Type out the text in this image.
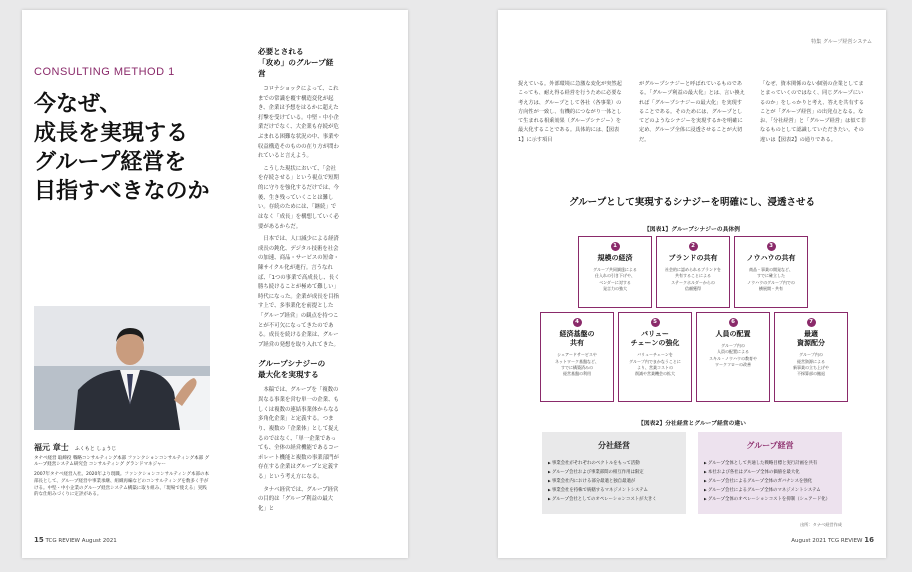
CONSULTING METHOD 1
今なぜ、
成長を実現する
グループ経営を
目指すべきなのか
福元 章士 ふくもと しょうじ
タナベ経営 取締役 戦略コンサルティング本部 ファンクションコンサルティング本部 グループ経営システム研究会 コンサルティング グランドマネジャー
2007年タナベ経営入社。2020年より現職。ファンクションコンサルティング本部の本部長として、グループ経営や事業承継、組織再編などのコンサルティングを数多く手がける。中堅・中小企業のグループ経営システム構築に取り組み、「現場で使える」実践的な仕組みづくりに定評がある。
必要とされる
「攻め」のグループ経営

コロナショックによって、これまでの常識を覆す構造変化が起き、企業は予想をはるかに超えた打撃を受けている。中堅・中小企業だけでなく、大企業も存続が危ぶまれる困難な状況の中、事業や収益構造そのものの在り方が問われていると言えよう。

こうした現状において、「会社を存続させる」という視点で短期的に守りを強化するだけでは、今後、生き残っていくことは難しい。存続のためには、「継続」ではなく「成長」を構想していく必要があるからだ。

日本では、人口減少による経済成長の鈍化、デジタル技術を社会の加速、商品・サービスの短命・陳サイクル化が進行。言うなれば、「1つの事業で高成長し、長く勝ち続けることが極めて難しい」時代になった。企業が成長を目指す上で、多事業化を前提とした「グループ経営」の観点を持つことが不可欠になってきたのである。成長を続ける企業は、グループ経営の発想を取り入れてきた。

グループシナジーの
最大化を実現する

本稿では、グループを「複数の異なる事業を営む単一の企業、もしくは複数の連結事業体からなる多角化企業」と定義する。つまり、複数の「企業体」として捉えるのではなく、「単一企業であっても、全体の経営機能であるコーポレート機能と複数の事業部門が存在する企業はグループと定義する」という考え方になる。

タナベ経営では、グループ経営の目的は「グループ利益の最大化」と

15 TCG REVIEW August 2021
特集 グループ経営システム

捉えている。外部環境に急激な変化が突然起こっても、耐え得る経営を行うために必要な考え方は、グループとして各社（各事業）の方向性が一致し、有機的につながり一体として生まれる相乗効果（グループシナジー）を最大化することである。具体的には、【図表1】に示す項目

がグループシナジーと呼ばれているものである。「グループ利益の最大化」とは、言い換えれば「グループシナジーの最大化」を実現することである。そのためには、グループとしてどのようなシナジーを実現するかを明確に定め、グループ全体に浸透させることが大切だ。

「なぜ、資本関係のない個別の企業としてまとまっていくのではなく、同じグループにいるのか」をしっかりと考え、答えを共有することが「グループ経営」の出発点となる。なお、「分社経営」と「グループ経営」は似て非なるものとして認識していただきたい。その違いは【図表2】の通りである。

グループとして実現するシナジーを明確にし、浸透させる
【図表1】グループシナジーの具体例
1
規模の経済
グループ共同調達による
仕入れの引き下げや、
ベンダーに対する
発言力の強大
2
ブランドの共有
社会的に認められるブランドを
共有することによる
ステークホルダーからの
信頼獲得
3
ノウハウの共有
商品・事業の開発など、
すでに確立した
ノウハウのグループ内での
横展開・共有
4
経済基盤の
共有
シェアードサービスや
ネットワーク基盤など、
すでに構築済みの
経営基盤の利用
5
バリュー
チェーンの強化
バリューチェーンを
グループ内でまかなうことに
より、営業コストの
削減や営業機会の拡大
6
人員の配置
グループ内の
人員の配置による
スキル・ノウハウの教育や
ワークフローの改善
7
最適
資源配分
グループ内の
経営資源による
新事業の立ち上げや
不採算部の撤退
【図表2】分社経営とグループ経営の違い
分社経営
▶ 事業会社がそれぞれのベクトルをもって活動
▶ グループ会社および事業部間の相互作用は限定
▶ 事業会社内における部分最適と独自最適が
▶ 事業会社を持株で統轄するマネジメントシステム
▶ グループ会社としてのオペレーションコストが大きく
グループ経営
▶ グループ全体として共通した戦略目標と実行計画を共有
▶ 本社および各社はグループ全体の価値を最大化
▶ グループ会社によるグループ全体のガバナンスを強化
▶ グループ会社によるグループ全体のマネジメントシステム
▶ グループ全体のオペレーションコストを抑制（シェアード化）
出所：タナベ経営作成
August 2021 TCG REVIEW 16
